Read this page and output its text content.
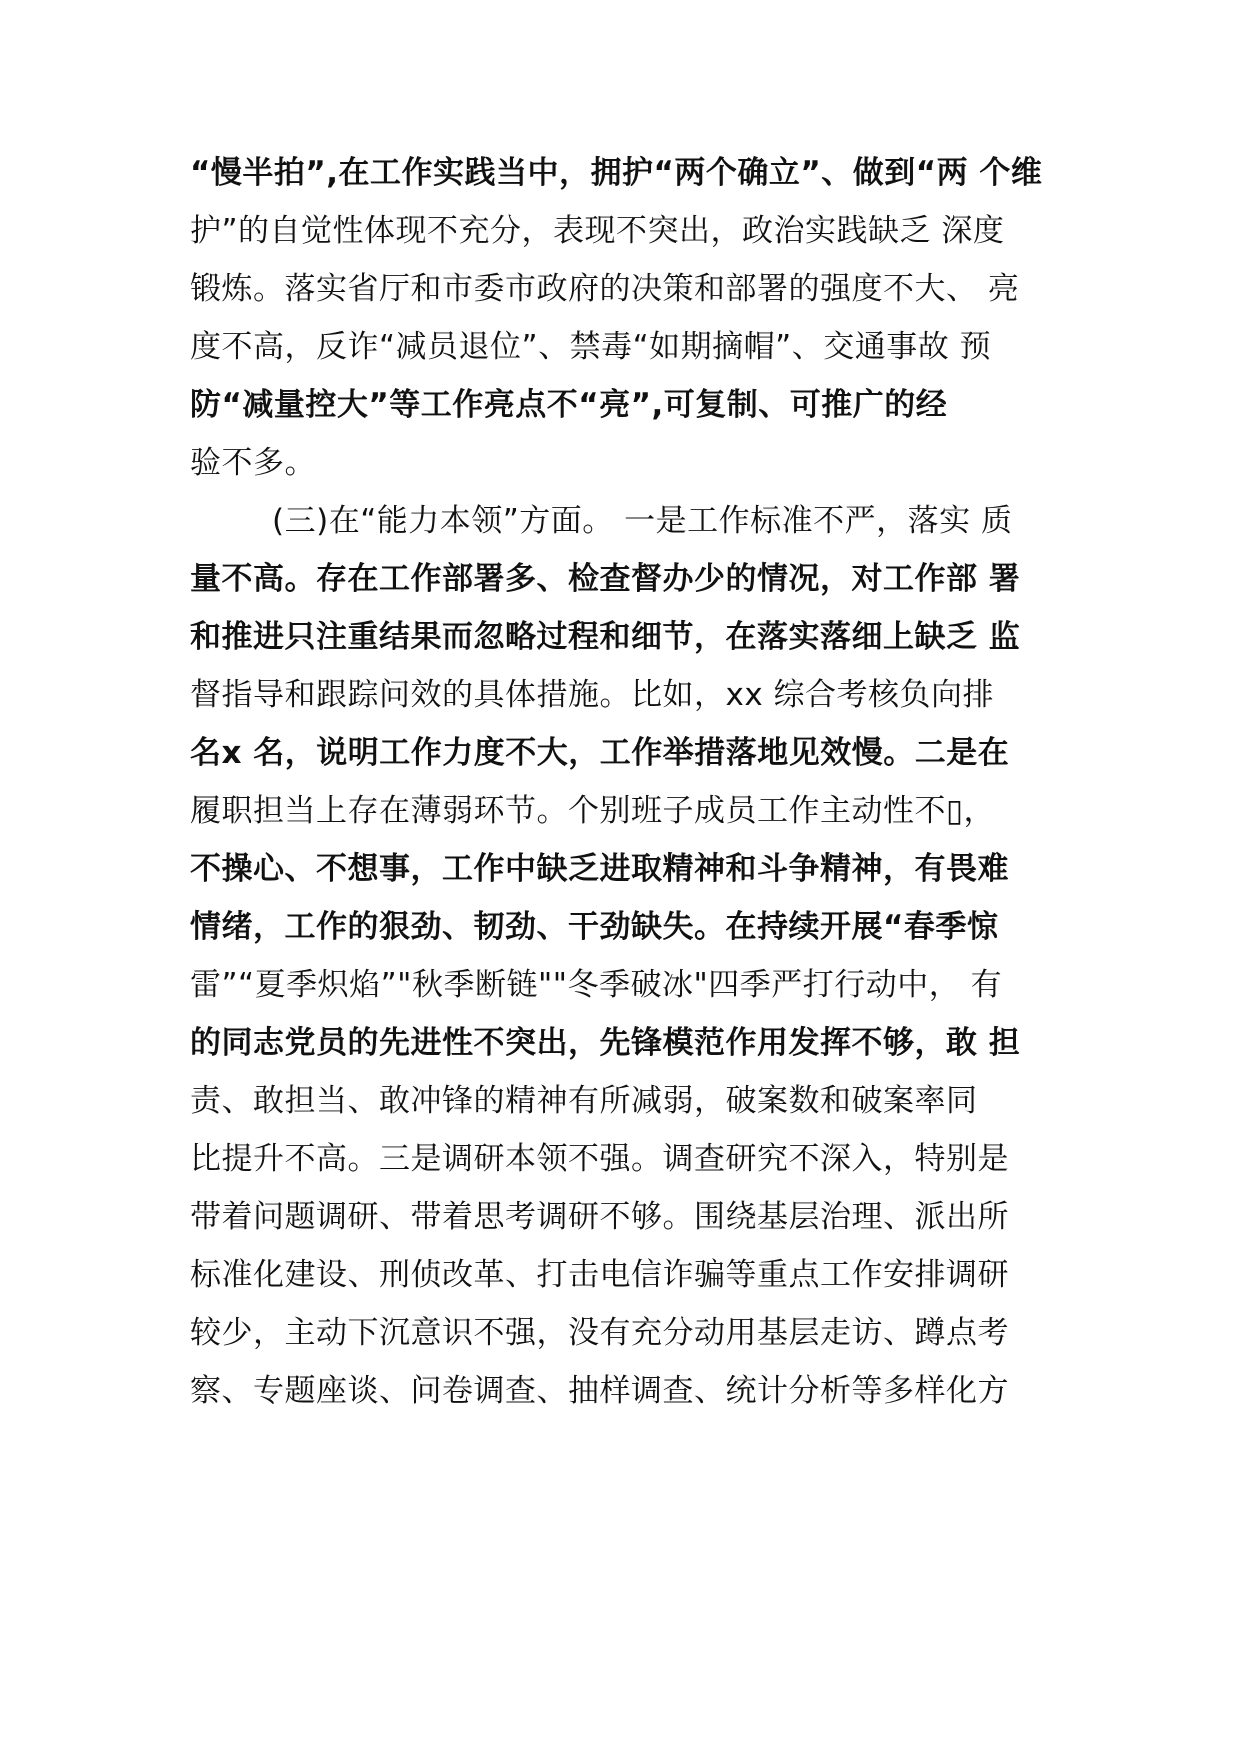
“慢半拍”,在工作实践当中，拥护“两个确立”、做到“两 个维
护”的自觉性体现不充分，表现不突出，政治实践缺乏 深度
锻炼。落实省厅和市委市政府的决策和部署的强度不大、 亮
度不高，反诈“减员退位”、禁毒“如期摘帽”、交通事故 预
防“减量控大”等工作亮点不“亮”,可复制、可推广的经
验不多。
(三)在“能力本领”方面。 一是工作标准不严，落实 质
量不高。存在工作部署多、检查督办少的情况，对工作部 署
和推进只注重结果而忽略过程和细节，在落实落细上缺乏 监
督指导和跟踪问效的具体措施。比如，xx 综合考核负向排
名x 名，说明工作力度不大，工作举措落地见效慢。二是在
履职担当上存在薄弱环节。个别班子成员工作主动性不▯，
不操心、不想事，工作中缺乏进取精神和斗争精神，有畏难
情绪，工作的狠劲、韧劲、干劲缺失。在持续开展“春季惊
雷”“夏季炽焰”"秋季断链""冬季破冰"四季严打行动中， 有
的同志党员的先进性不突出，先锋模范作用发挥不够，敢 担
责、敢担当、敢冲锋的精神有所减弱，破案数和破案率同
比提升不高。三是调研本领不强。调查研究不深入，特别是
带着问题调研、带着思考调研不够。围绕基层治理、派出所
标准化建设、刑侦改革、打击电信诈骗等重点工作安排调研
较少，主动下沉意识不强，没有充分动用基层走访、蹲点考
察、专题座谈、问卷调查、抽样调查、统计分析等多样化方
